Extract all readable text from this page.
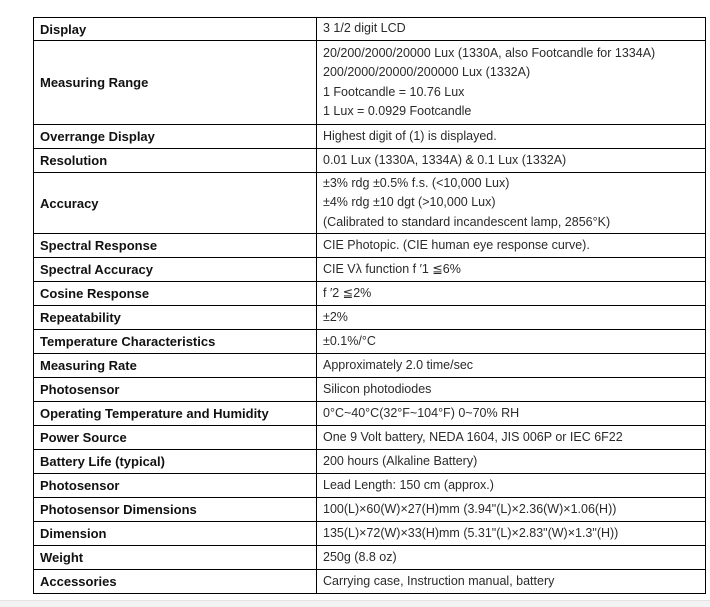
Display	3 1/2 digit LCD

Measuring Range	20/200/2000/20000 Lux (1330A, also Footcandle for 1334A)
200/2000/20000/200000 Lux (1332A)
1 Footcandle = 10.76 Lux
1 Lux = 0.0929 Footcandle

Overrange Display	Highest digit of (1) is displayed.

Resolution	0.01 Lux (1330A, 1334A) & 0.1 Lux (1332A)

Accuracy	±3% rdg ±0.5% f.s. (<10,000 Lux)
±4% rdg ±10 dgt (>10,000 Lux)
(Calibrated to standard incandescent lamp, 2856°K)

Spectral Response	CIE Photopic. (CIE human eye response curve).

Spectral Accuracy	CIE Vλ function f ′1 ≦6%

Cosine Response	f ′2 ≦2%

Repeatability	±2%

Temperature Characteristics	±0.1%/°C

Measuring Rate	Approximately 2.0 time/sec

Photosensor	Silicon photodiodes

Operating Temperature and Humidity	0°C~40°C(32°F~104°F) 0~70% RH

Power Source	One 9 Volt battery, NEDA 1604, JIS 006P or IEC 6F22

Battery Life (typical)	200 hours (Alkaline Battery)

Photosensor	Lead Length: 150 cm (approx.)

Photosensor Dimensions	100(L)×60(W)×27(H)mm (3.94"(L)×2.36(W)×1.06(H))

Dimension	135(L)×72(W)×33(H)mm (5.31"(L)×2.83"(W)×1.3"(H))

Weight	250g (8.8 oz)

Accessories	Carrying case, Instruction manual, battery
